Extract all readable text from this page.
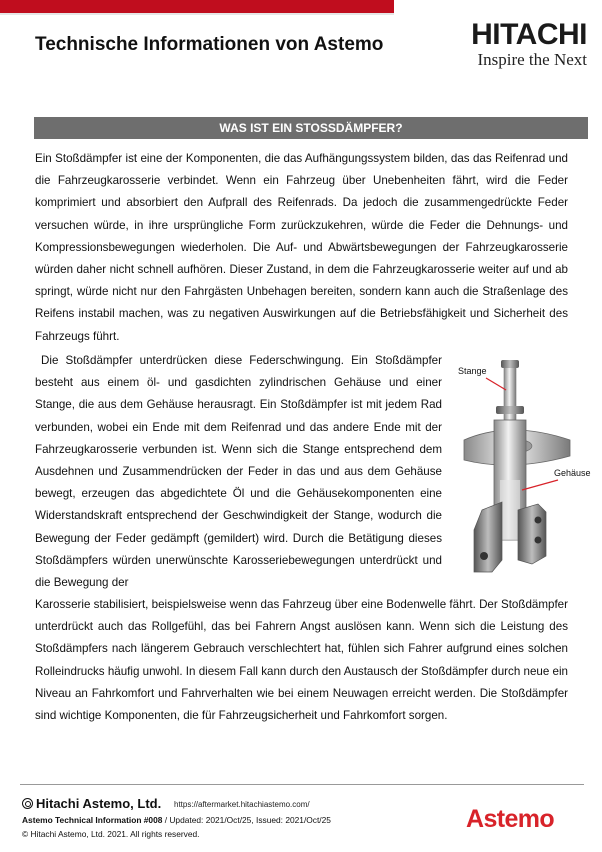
Technische Informationen von Astemo	HITACHI
Inspire the Next
WAS IST EIN STOSSDÄMPFER?

Ein Stoßdämpfer ist eine der Komponenten, die das Aufhängungssystem bilden, das das Reifenrad und die Fahrzeugkarosserie verbindet. Wenn ein Fahrzeug über Unebenheiten fährt, wird die Feder komprimiert und absorbiert den Aufprall des Reifenrads. Da jedoch die zusammengedrückte Feder versuchen würde, in ihre ursprüngliche Form zurückzukehren, würde die Feder die Dehnungs- und Kompressionsbewegungen wiederholen. Die Auf- und Abwärtsbewegungen der Fahrzeugkarosserie würden daher nicht schnell aufhören. Dieser Zustand, in dem die Fahrzeugkarosserie weiter auf und ab springt, würde nicht nur den Fahrgästen Unbehagen bereiten, sondern kann auch die Straßenlage des Reifens instabil machen, was zu negativen Auswirkungen auf die Betriebsfähigkeit und Sicherheit des Fahrzeugs führt.

Die Stoßdämpfer unterdrücken diese Federschwingung. Ein Stoßdämpfer besteht aus einem öl- und gasdichten zylindrischen Gehäuse und einer Stange, die aus dem Gehäuse herausragt. Ein Stoßdämpfer ist mit jedem Rad verbunden, wobei ein Ende mit dem Reifenrad und das andere Ende mit der Fahrzeugkarosserie verbunden ist. Wenn sich die Stange entsprechend dem Ausdehnen und Zusammendrücken der Feder in das und aus dem Gehäuse bewegt, erzeugen das abgedichtete Öl und die Gehäusekomponenten eine Widerstandskraft entsprechend der Geschwindigkeit der Stange, wodurch die Bewegung der Feder gedämpft (gemildert) wird. Durch die Betätigung dieses Stoßdämpfers würden unerwünschte Karosseriebewegungen unterdrückt und die Bewegung der

Karosserie stabilisiert, beispielsweise wenn das Fahrzeug über eine Bodenwelle fährt. Der Stoßdämpfer unterdrückt auch das Rollgefühl, das bei Fahrern Angst auslösen kann. Wenn sich die Leistung des Stoßdämpfers nach längerem Gebrauch verschlechtert hat, fühlen sich Fahrer aufgrund eines solchen Rolleindrucks häufig unwohl. In diesem Fall kann durch den Austausch der Stoßdämpfer durch neue ein Niveau an Fahrkomfort und Fahrverhalten wie bei einem Neuwagen erreicht werden. Die Stoßdämpfer sind wichtige Komponenten, die für Fahrzeugsicherheit und Fahrkomfort sorgen.

Stange
Gehäuse
Hitachi Astemo, Ltd. https://aftermarket.hitachiastemo.com/
Astemo Technical Information #008 / Updated: 2021/Oct/25, Issued: 2021/Oct/25
© Hitachi Astemo, Ltd. 2021. All rights reserved.
Astemo
